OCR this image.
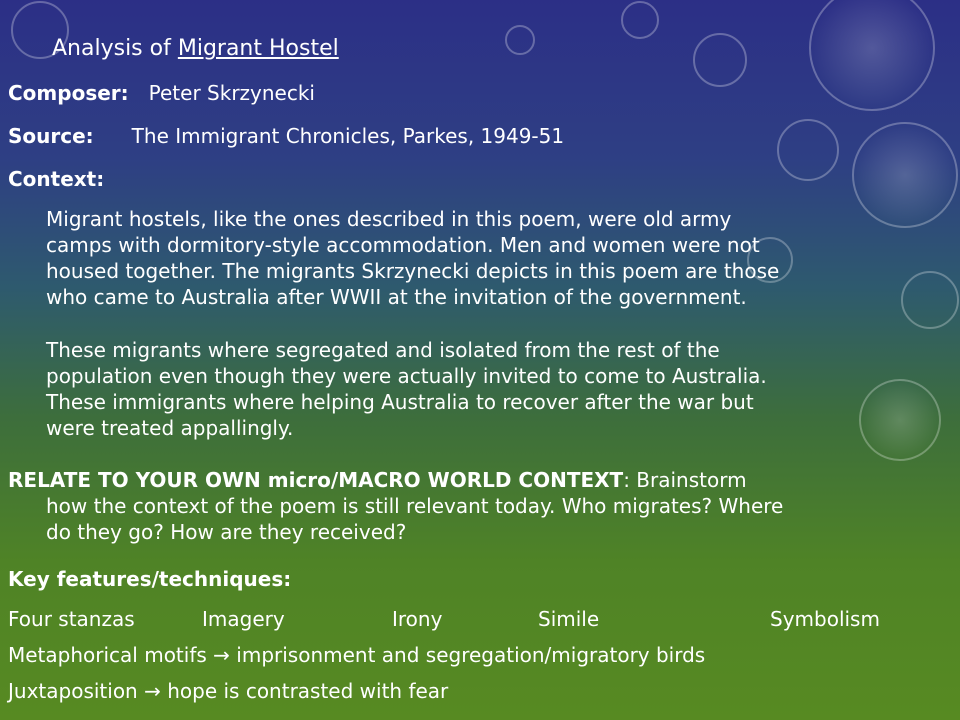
Analysis of Migrant Hostel

Composer: Peter Skrzynecki

Source: The Immigrant Chronicles, Parkes, 1949-51

Context:

Migrant hostels, like the ones described in this poem, were old army
camps with dormitory-style accommodation. Men and women were not
housed together. The migrants Skrzynecki depicts in this poem are those
who came to Australia after WWII at the invitation of the government.
These migrants where segregated and isolated from the rest of the
population even though they were actually invited to come to Australia.
These immigrants where helping Australia to recover after the war but
were treated appallingly.
RELATE TO YOUR OWN micro/MACRO WORLD CONTEXT: Brainstorm
how the context of the poem is still relevant today. Who migrates? Where
do they go? How are they received?

Key features/techniques:

Four stanzas	Imagery	Irony	Simile	Symbolism

Metaphorical motifs → imprisonment and segregation/migratory birds

Juxtaposition → hope is contrasted with fear
